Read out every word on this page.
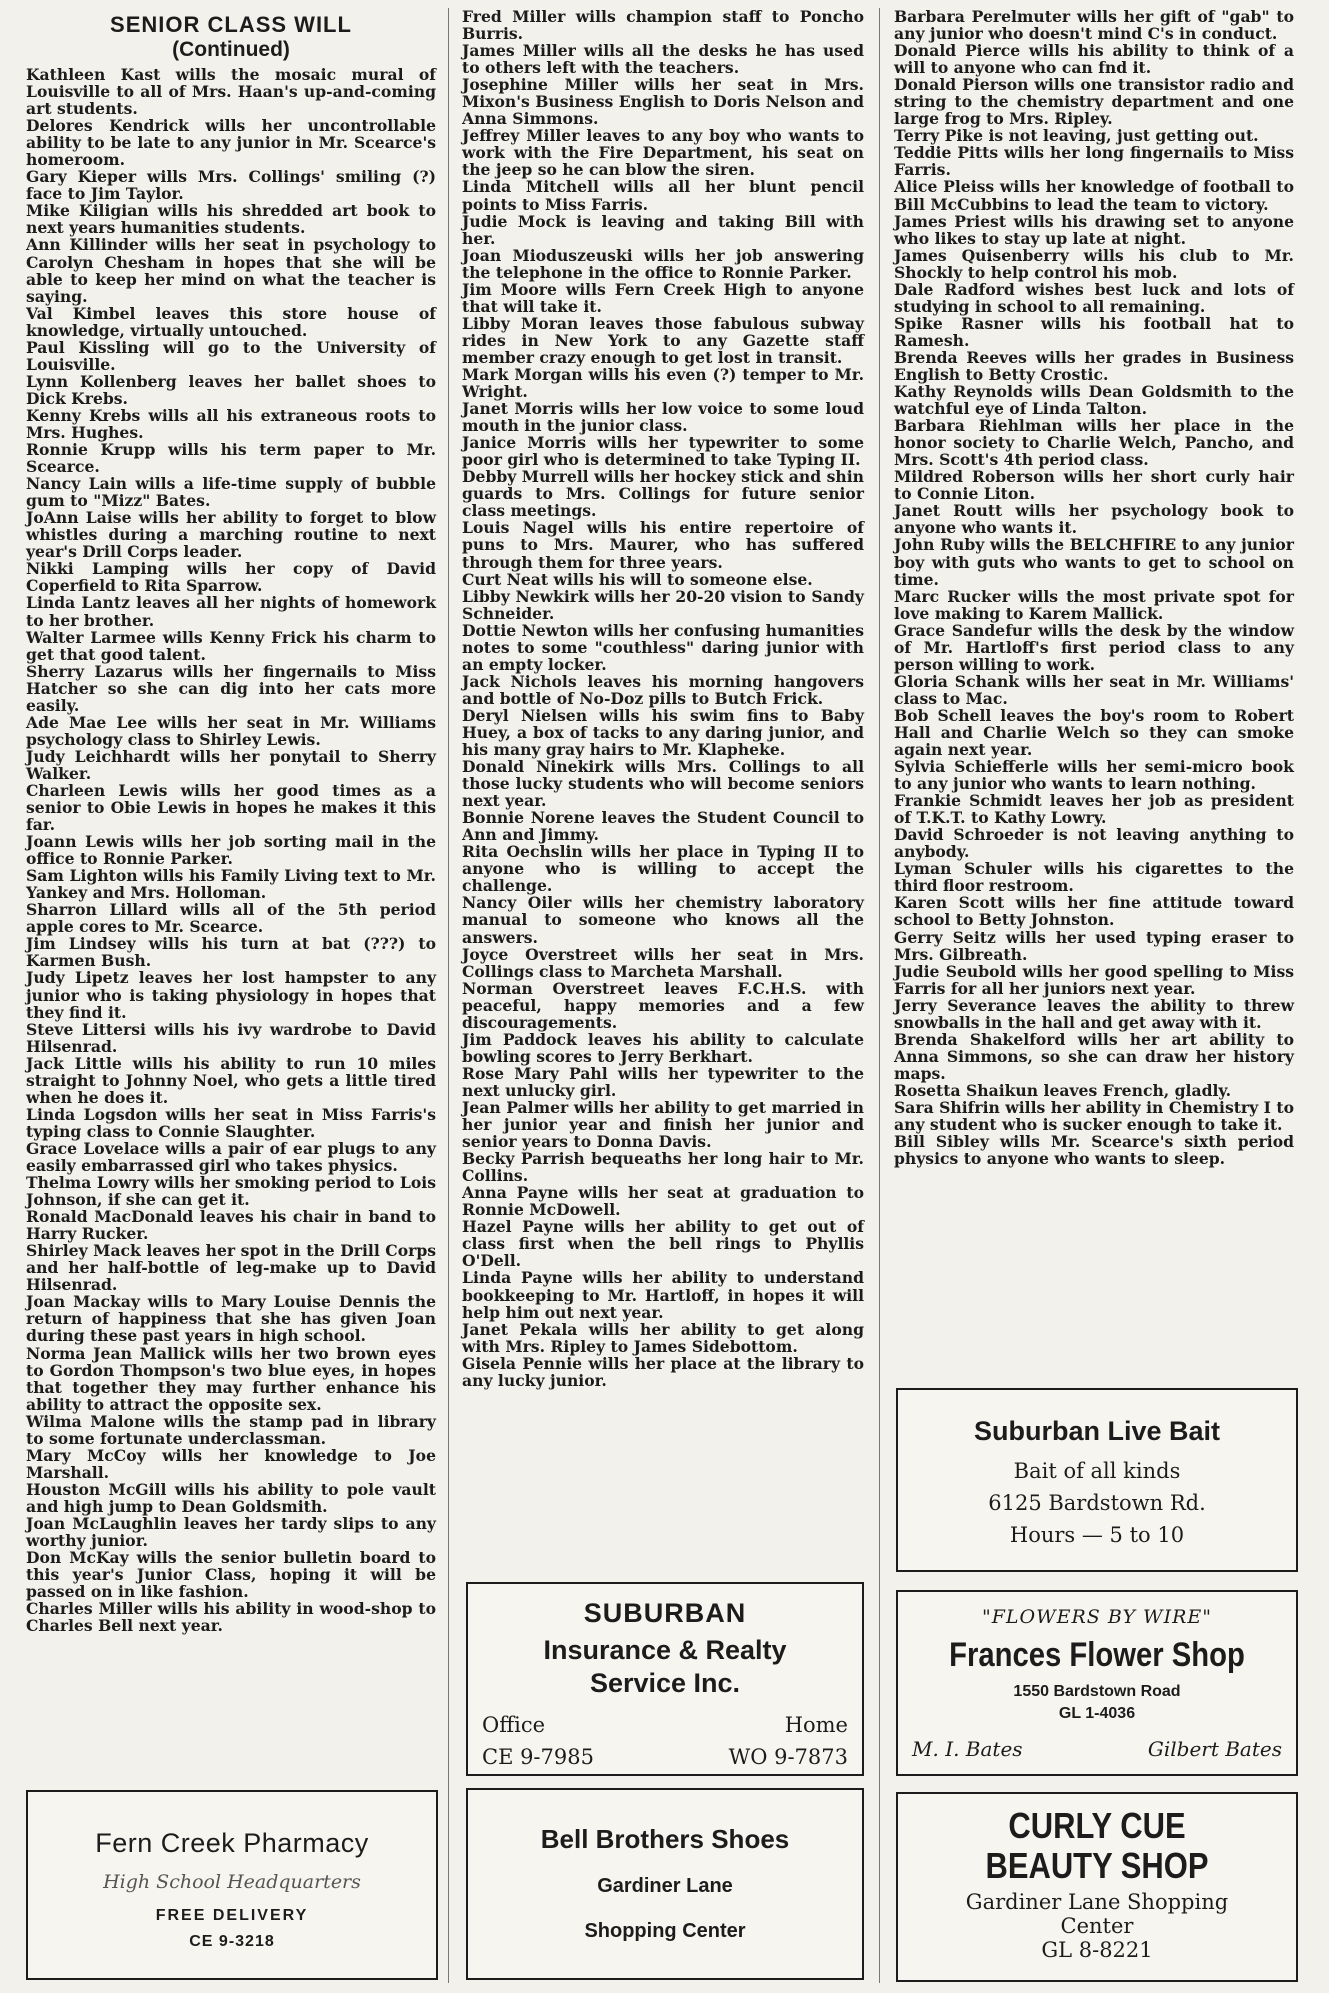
SENIOR CLASS WILL
(Continued)

Kathleen Kast wills the mosaic mural of Louisville to all of Mrs. Haan's up-and-coming art students.

Delores Kendrick wills her uncontrollable ability to be late to any junior in Mr. Scearce's homeroom.

Gary Kieper wills Mrs. Collings' smiling (?) face to Jim Taylor.

Mike Kiligian wills his shredded art book to next years humanities students.

Ann Killinder wills her seat in psychology to Carolyn Chesham in hopes that she will be able to keep her mind on what the teacher is saying.

Val Kimbel leaves this store house of knowledge, virtually untouched.

Paul Kissling will go to the University of Louisville.

Lynn Kollenberg leaves her ballet shoes to Dick Krebs.

Kenny Krebs wills all his extraneous roots to Mrs. Hughes.

Ronnie Krupp wills his term paper to Mr. Scearce.

Nancy Lain wills a life-time supply of bubble gum to "Mizz" Bates.

JoAnn Laise wills her ability to forget to blow whistles during a marching routine to next year's Drill Corps leader.

Nikki Lamping wills her copy of David Coperfield to Rita Sparrow.

Linda Lantz leaves all her nights of homework to her brother.

Walter Larmee wills Kenny Frick his charm to get that good talent.

Sherry Lazarus wills her fingernails to Miss Hatcher so she can dig into her cats more easily.

Ade Mae Lee wills her seat in Mr. Williams psychology class to Shirley Lewis.

Judy Leichhardt wills her ponytail to Sherry Walker.

Charleen Lewis wills her good times as a senior to Obie Lewis in hopes he makes it this far.

Joann Lewis wills her job sorting mail in the office to Ronnie Parker.

Sam Lighton wills his Family Living text to Mr. Yankey and Mrs. Holloman.

Sharron Lillard wills all of the 5th period apple cores to Mr. Scearce.

Jim Lindsey wills his turn at bat (???) to Karmen Bush.

Judy Lipetz leaves her lost hampster to any junior who is taking physiology in hopes that they find it.

Steve Littersi wills his ivy wardrobe to David Hilsenrad.

Jack Little wills his ability to run 10 miles straight to Johnny Noel, who gets a little tired when he does it.

Linda Logsdon wills her seat in Miss Farris's typing class to Connie Slaughter.

Grace Lovelace wills a pair of ear plugs to any easily embarrassed girl who takes physics.

Thelma Lowry wills her smoking period to Lois Johnson, if she can get it.

Ronald MacDonald leaves his chair in band to Harry Rucker.

Shirley Mack leaves her spot in the Drill Corps and her half-bottle of leg-make up to David Hilsenrad.

Joan Mackay wills to Mary Louise Dennis the return of happiness that she has given Joan during these past years in high school.

Norma Jean Mallick wills her two brown eyes to Gordon Thompson's two blue eyes, in hopes that together they may further enhance his ability to attract the opposite sex.

Wilma Malone wills the stamp pad in library to some fortunate underclassman.

Mary McCoy wills her knowledge to Joe Marshall.

Houston McGill wills his ability to pole vault and high jump to Dean Goldsmith.

Joan McLaughlin leaves her tardy slips to any worthy junior.

Don McKay wills the senior bulletin board to this year's Junior Class, hoping it will be passed on in like fashion.

Charles Miller wills his ability in wood-shop to Charles Bell next year.

Fred Miller wills champion staff to Poncho Burris.

James Miller wills all the desks he has used to others left with the teachers.

Josephine Miller wills her seat in Mrs. Mixon's Business English to Doris Nelson and Anna Simmons.

Jeffrey Miller leaves to any boy who wants to work with the Fire Department, his seat on the jeep so he can blow the siren.

Linda Mitchell wills all her blunt pencil points to Miss Farris.

Judie Mock is leaving and taking Bill with her.

Joan Mioduszeuski wills her job answering the telephone in the office to Ronnie Parker.

Jim Moore wills Fern Creek High to anyone that will take it.

Libby Moran leaves those fabulous subway rides in New York to any Gazette staff member crazy enough to get lost in transit.

Mark Morgan wills his even (?) temper to Mr. Wright.

Janet Morris wills her low voice to some loud mouth in the junior class.

Janice Morris wills her typewriter to some poor girl who is determined to take Typing II.

Debby Murrell wills her hockey stick and shin guards to Mrs. Collings for future senior class meetings.

Louis Nagel wills his entire repertoire of puns to Mrs. Maurer, who has suffered through them for three years.

Curt Neat wills his will to someone else.

Libby Newkirk wills her 20-20 vision to Sandy Schneider.

Dottie Newton wills her confusing humanities notes to some "couthless" daring junior with an empty locker.

Jack Nichols leaves his morning hangovers and bottle of No-Doz pills to Butch Frick.

Deryl Nielsen wills his swim fins to Baby Huey, a box of tacks to any daring junior, and his many gray hairs to Mr. Klapheke.

Donald Ninekirk wills Mrs. Collings to all those lucky students who will become seniors next year.

Bonnie Norene leaves the Student Council to Ann and Jimmy.

Rita Oechslin wills her place in Typing II to anyone who is willing to accept the challenge.

Nancy Oiler wills her chemistry laboratory manual to someone who knows all the answers.

Joyce Overstreet wills her seat in Mrs. Collings class to Marcheta Marshall.

Norman Overstreet leaves F.C.H.S. with peaceful, happy memories and a few discouragements.

Jim Paddock leaves his ability to calculate bowling scores to Jerry Berkhart.

Rose Mary Pahl wills her typewriter to the next unlucky girl.

Jean Palmer wills her ability to get married in her junior year and finish her junior and senior years to Donna Davis.

Becky Parrish bequeaths her long hair to Mr. Collins.

Anna Payne wills her seat at graduation to Ronnie McDowell.

Hazel Payne wills her ability to get out of class first when the bell rings to Phyllis O'Dell.

Linda Payne wills her ability to understand bookkeeping to Mr. Hartloff, in hopes it will help him out next year.

Janet Pekala wills her ability to get along with Mrs. Ripley to James Sidebottom.

Gisela Pennie wills her place at the library to any lucky junior.

Barbara Perelmuter wills her gift of "gab" to any junior who doesn't mind C's in conduct.

Donald Pierce wills his ability to think of a will to anyone who can fnd it.

Donald Pierson wills one transistor radio and string to the chemistry department and one large frog to Mrs. Ripley.

Terry Pike is not leaving, just getting out.

Teddie Pitts wills her long fingernails to Miss Farris.

Alice Pleiss wills her knowledge of football to Bill McCubbins to lead the team to victory.

James Priest wills his drawing set to anyone who likes to stay up late at night.

James Quisenberry wills his club to Mr. Shockly to help control his mob.

Dale Radford wishes best luck and lots of studying in school to all remaining.

Spike Rasner wills his football hat to Ramesh.

Brenda Reeves wills her grades in Business English to Betty Crostic.

Kathy Reynolds wills Dean Goldsmith to the watchful eye of Linda Talton.

Barbara Riehlman wills her place in the honor society to Charlie Welch, Pancho, and Mrs. Scott's 4th period class.

Mildred Roberson wills her short curly hair to Connie Liton.

Janet Routt wills her psychology book to anyone who wants it.

John Ruby wills the BELCHFIRE to any junior boy with guts who wants to get to school on time.

Marc Rucker wills the most private spot for love making to Karem Mallick.

Grace Sandefur wills the desk by the window of Mr. Hartloff's first period class to any person willing to work.

Gloria Schank wills her seat in Mr. Williams' class to Mac.

Bob Schell leaves the boy's room to Robert Hall and Charlie Welch so they can smoke again next year.

Sylvia Schiefferle wills her semi-micro book to any junior who wants to learn nothing.

Frankie Schmidt leaves her job as president of T.K.T. to Kathy Lowry.

David Schroeder is not leaving anything to anybody.

Lyman Schuler wills his cigarettes to the third floor restroom.

Karen Scott wills her fine attitude toward school to Betty Johnston.

Gerry Seitz wills her used typing eraser to Mrs. Gilbreath.

Judie Seubold wills her good spelling to Miss Farris for all her juniors next year.

Jerry Severance leaves the ability to threw snowballs in the hall and get away with it.

Brenda Shakelford wills her art ability to Anna Simmons, so she can draw her history maps.

Rosetta Shaikun leaves French, gladly.

Sara Shifrin wills her ability in Chemistry I to any student who is sucker enough to take it.

Bill Sibley wills Mr. Scearce's sixth period physics to anyone who wants to sleep.

Fern Creek Pharmacy
High School Headquarters
FREE DELIVERY
CE 9-3218
SUBURBAN
Insurance & Realty
Service Inc.
Office	Home
CE 9-7985	WO 9-7873
Bell Brothers Shoes
Gardiner Lane
Shopping Center
Suburban Live Bait
Bait of all kinds
6125 Bardstown Rd.
Hours — 5 to 10
"FLOWERS BY WIRE"
Frances Flower Shop
1550 Bardstown Road
GL 1-4036
M. I. Bates	Gilbert Bates
CURLY CUE
BEAUTY SHOP
Gardiner Lane Shopping
Center
GL 8-8221
